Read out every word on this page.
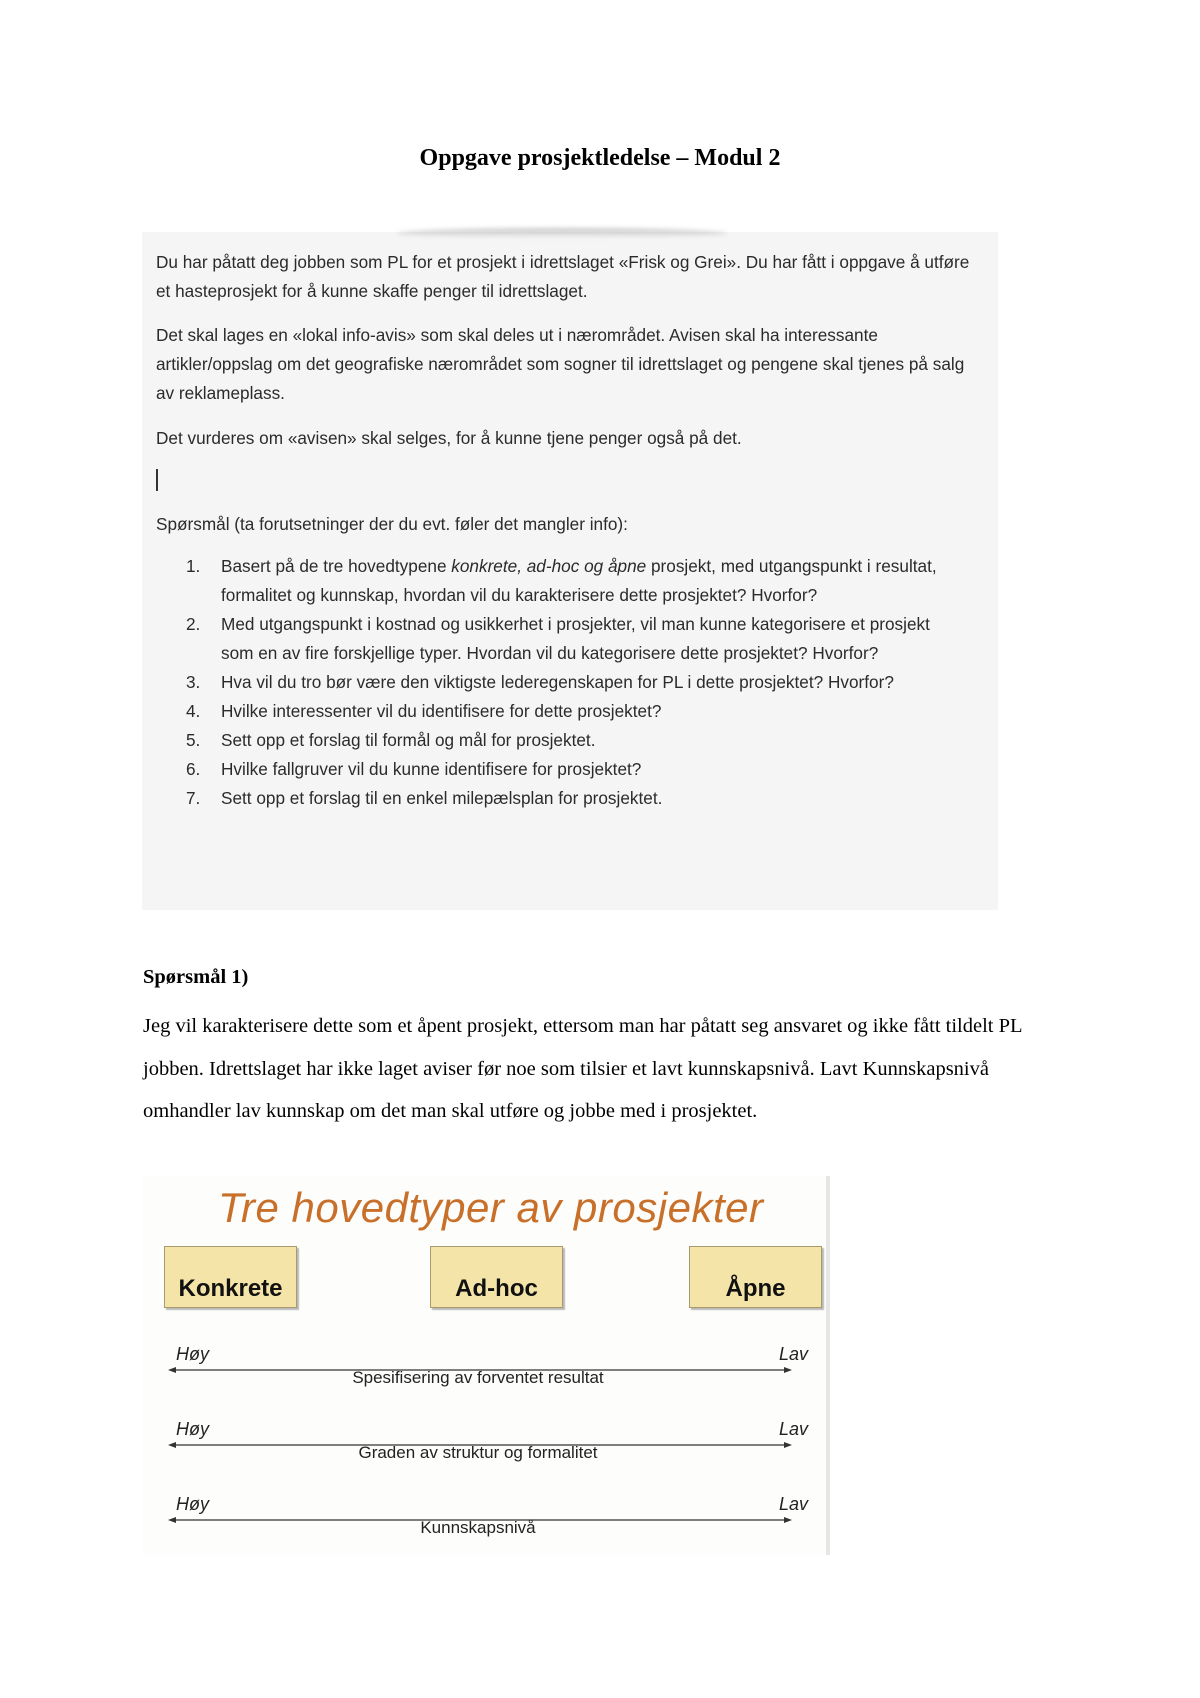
Oppgave prosjektledelse – Modul 2

Du har påtatt deg jobben som PL for et prosjekt i idrettslaget «Frisk og Grei». Du har fått i oppgave å utføre et hasteprosjekt for å kunne skaffe penger til idrettslaget.

Det skal lages en «lokal info-avis» som skal deles ut i nærområdet. Avisen skal ha interessante artikler/oppslag om det geografiske nærområdet som sogner til idrettslaget og pengene skal tjenes på salg av reklameplass.

Det vurderes om «avisen» skal selges, for å kunne tjene penger også på det.

Spørsmål (ta forutsetninger der du evt. føler det mangler info):

1. Basert på de tre hovedtypene konkrete, ad-hoc og åpne prosjekt, med utgangspunkt i resultat, formalitet og kunnskap, hvordan vil du karakterisere dette prosjektet? Hvorfor?
2. Med utgangspunkt i kostnad og usikkerhet i prosjekter, vil man kunne kategorisere et prosjekt som en av fire forskjellige typer. Hvordan vil du kategorisere dette prosjektet? Hvorfor?
3. Hva vil du tro bør være den viktigste lederegenskapen for PL i dette prosjektet? Hvorfor?
4. Hvilke interessenter vil du identifisere for dette prosjektet?
5. Sett opp et forslag til formål og mål for prosjektet.
6. Hvilke fallgruver vil du kunne identifisere for prosjektet?
7. Sett opp et forslag til en enkel milepælsplan for prosjektet.
Spørsmål 1)

Jeg vil karakterisere dette som et åpent prosjekt, ettersom man har påtatt seg ansvaret og ikke fått tildelt PL jobben. Idrettslaget har ikke laget aviser før noe som tilsier et lavt kunnskapsnivå. Lavt Kunnskapsnivå omhandler lav kunnskap om det man skal utføre og jobbe med i prosjektet.

Tre hovedtyper av prosjekter
Konkrete	Ad-hoc	Åpne
Høy	Lav
Spesifisering av forventet resultat
Høy	Lav
Graden av struktur og formalitet
Høy	Lav
Kunnskapsnivå
